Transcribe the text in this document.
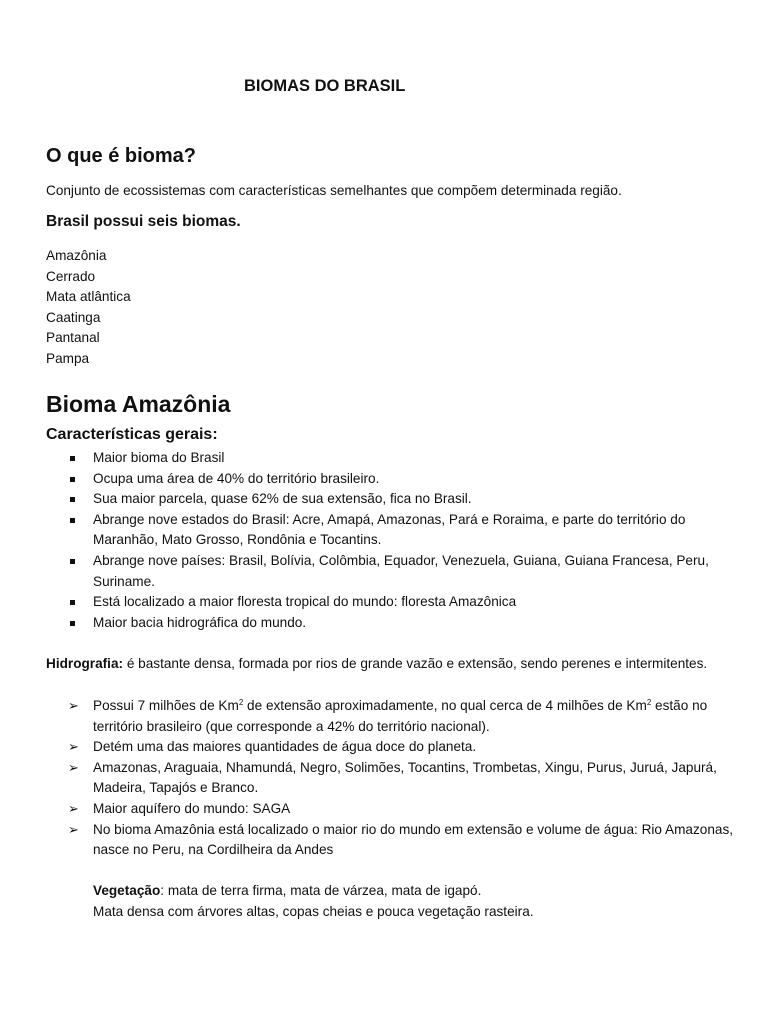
BIOMAS DO BRASIL
O que é bioma?
Conjunto de ecossistemas com características semelhantes que compõem determinada região.
Brasil possui seis biomas.
Amazônia
Cerrado
Mata atlântica
Caatinga
Pantanal
Pampa
Bioma Amazônia
Características gerais:
Maior bioma do Brasil
Ocupa uma área de 40% do território brasileiro.
Sua maior parcela, quase 62% de sua extensão, fica no Brasil.
Abrange nove estados do Brasil: Acre, Amapá, Amazonas, Pará e Roraima, e parte do território do Maranhão, Mato Grosso, Rondônia e Tocantins.
Abrange nove países: Brasil, Bolívia, Colômbia, Equador, Venezuela, Guiana, Guiana Francesa, Peru, Suriname.
Está localizado a maior floresta tropical do mundo: floresta Amazônica
Maior bacia hidrográfica do mundo.
Hidrografia: é bastante densa, formada por rios de grande vazão e extensão, sendo perenes e intermitentes.
➢ Possui 7 milhões de Km$^2$ de extensão aproximadamente, no qual cerca de 4 milhões de Km$^2$ estão no território brasileiro (que corresponde a 42% do território nacional).
➢ Detém uma das maiores quantidades de água doce do planeta.
➢ Amazonas, Araguaia, Nhamundá, Negro, Solimões, Tocantins, Trombetas, Xingu, Purus, Juruá, Japurá, Madeira, Tapajós e Branco.
➢ Maior aquífero do mundo: SAGA
➢ No bioma Amazônia está localizado o maior rio do mundo em extensão e volume de água: Rio Amazonas, nasce no Peru, na Cordilheira da Andes
Vegetação: mata de terra firma, mata de várzea, mata de igapó.
Mata densa com árvores altas, copas cheias e pouca vegetação rasteira.
